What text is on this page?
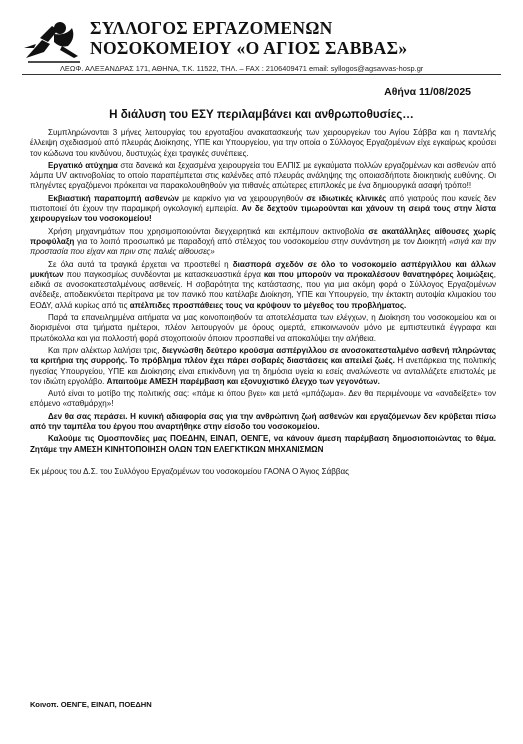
ΣΥΛΛΟΓΟΣ ΕΡΓΑΖΟΜΕΝΩΝ
ΝΟΣΟΚΟΜΕΙΟΥ «Ο ΑΓΙΟΣ ΣΑΒΒΑΣ»
ΛΕΩΦ. ΑΛΕΞΑΝΔΡΑΣ 171, ΑΘΗΝΑ, Τ.Κ. 11522, ΤΗΛ. – FAX : 2106409471 email: syllogos@agsavvas-hosp.gr
Αθήνα 11/08/2025
Η διάλυση του ΕΣΥ περιλαμβάνει και ανθρωποθυσίες…

Συμπληρώνονται 3 μήνες λειτουργίας του εργοταξίου ανακατασκευής των χειρουργείων του Αγίου Σάββα και η παντελής έλλειψη σχεδιασμού από πλευράς Διοίκησης, ΥΠΕ και Υπουργείου, για την οποία ο Σύλλογος Εργαζομένων είχε εγκαίρως κρούσει τον κώδωνα του κινδύνου, δυστυχώς έχει τραγικές συνέπειες.

Εργατικό ατύχημα στα δανεικά και ξεχασμένα χειρουργεία του ΕΛΠΙΣ με εγκαύματα πολλών εργαζομένων και ασθενών από λάμπα UV ακτινοβολίας το οποίο παραπέμπεται στις καλένδες από πλευράς ανάληψης της οποιασδήποτε διοικητικής ευθύνης. Οι πληγέντες εργαζόμενοι πρόκειται να παρακολουθηθούν για πιθανές απώτερες επιπλοκές με ένα δημιουργικά ασαφή τρόπο!!

Εκβιαστική παραπομπή ασθενών με καρκίνο για να χειρουργηθούν σε ιδιωτικές κλινικές από γιατρούς που κανείς δεν πιστοποιεί ότι έχουν την παραμικρή ογκολογική εμπειρία. Αν δε δεχτούν τιμωρούνται και χάνουν τη σειρά τους στην λίστα χειρουργείων του νοσοκομείου!

Χρήση μηχανημάτων που χρησιμοποιούνται διεγχειρητικά και εκπέμπουν ακτινοβολία σε ακατάλληλες αίθουσες χωρίς προφύλαξη για το λοιπό προσωπικό με παραδοχή από στέλεχος του νοσοκομείου στην συνάντηση με τον Διοικητή «σιγά και την προστασία που είχαν και πριν στις παλιές αίθουσες»

Σε όλα αυτά τα τραγικά έρχεται να προστεθεί η διασπορά σχεδόν σε όλο το νοσοκομείο ασπέργιλλου και άλλων μυκήτων που παγκοσμίως συνδέονται με κατασκευαστικά έργα και που μπορούν να προκαλέσουν θανατηφόρες λοιμώξεις, ειδικά σε ανοσοκατεσταλμένους ασθενείς. Η σοβαρότητα της κατάστασης, που για μια ακόμη φορά ο Σύλλογος Εργαζομένων ανέδειξε, αποδεικνύεται περίτρανα με τον πανικό που κατέλαβε Διοίκηση, ΥΠΕ και Υπουργείο, την έκτακτη αυτοψία κλιμακίου του ΕΟΔΥ, αλλά κυρίως από τις απέλπιδες προσπάθειες τους να κρύψουν το μέγεθος του προβλήματος.

Παρά τα επανειλημμένα αιτήματα να μας κοινοποιηθούν τα αποτελέσματα των ελέγχων, η Διοίκηση του νοσοκομείου και οι διορισμένοι στα τμήματα ημέτεροι, πλέον λειτουργούν με όρους ομερτά, επικοινωνούν μόνο με εμπιστευτικά έγγραφα και πρωτόκολλα και για πολλοστή φορά στοχοποιούν όποιον προσπαθεί να αποκαλύψει την αλήθεια.

Και πριν αλέκτωρ λαλήσει τρις, διεγνώσθη δεύτερο κρούσμα ασπέργιλλου σε ανοσοκατεσταλμένο ασθενή πληρώντας τα κριτήρια της συρροής. Το πρόβλημα πλέον έχει πάρει σοβαρές διαστάσεις και απειλεί ζωές. Η ανεπάρκεια της πολιτικής ηγεσίας Υπουργείου, ΥΠΕ και Διοίκησης είναι επικίνδυνη για τη δημόσια υγεία κι εσείς αναλώνεστε να ανταλλάζετε επιστολές με τον ιδιώτη εργολάβο. Απαιτούμε ΑΜΕΣΗ παρέμβαση και εξονυχιστικό έλεγχο των γεγονότων.

Αυτό είναι το μοτίβο της πολιτικής σας: «πάμε κι όπου βγει» και μετά «μπάζωμα». Δεν θα περιμένουμε να «αναδείξετε» τον επόμενο «σταθμάρχη»!

Δεν θα σας περάσει. Η κυνική αδιαφορία σας για την ανθρώπινη ζωή ασθενών και εργαζόμενων δεν κρύβεται πίσω από την ταμπέλα του έργου που αναρτήθηκε στην είσοδο του νοσοκομείου.

Καλούμε τις Ομοσπονδίες μας ΠΟΕΔΗΝ, ΕΙΝΑΠ, ΟΕΝΓΕ, να κάνουν άμεση παρέμβαση δημοσιοποιώντας το θέμα. Ζητάμε την ΑΜΕΣΗ ΚΙΝΗΤΟΠΟΙΗΣΗ ΟΛΩΝ ΤΩΝ ΕΛΕΓΚΤΙΚΩΝ ΜΗΧΑΝΙΣΜΩΝ

Εκ μέρους του Δ.Σ. του Συλλόγου Εργαζομένων του νοσοκομείου ΓΑΟΝΑ Ο Άγιος Σάββας

Κοινοπ. ΟΕΝΓΕ, ΕΙΝΑΠ, ΠΟΕΔΗΝ
